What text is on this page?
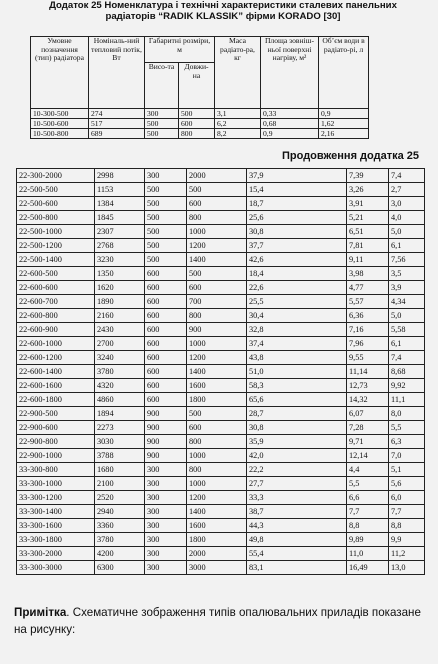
Додаток 25 Номенклатура і технічні характеристики сталевих панельних
радіаторів “RADIK KLASSIK” фірми KORADO [30]
Умовне позначення (тип) радіатора	Номіналь-ний тепловий потік, Вт	Габаритні розміри, м		Маса радіато-ра, кг	Площа зовніш-ньої поверхні нагріву, м²	Об’єм води в радіато-рі, л
		Висо-та	Довжи-на			
10-300-500	274	300	500	3,1	0,33	0,9
10-500-600	517	500	600	6,2	0,68	1,62
10-500-800	689	500	800	8,2	0,9	2,16
Продовження додатка 25
22-300-2000	2998	300	2000	37,9	7,39	7,4
22-500-500	1153	500	500	15,4	3,26	2,7
22-500-600	1384	500	600	18,7	3,91	3,0
22-500-800	1845	500	800	25,6	5,21	4,0
22-500-1000	2307	500	1000	30,8	6,51	5,0
22-500-1200	2768	500	1200	37,7	7,81	6,1
22-500-1400	3230	500	1400	42,6	9,11	7,56
22-600-500	1350	600	500	18,4	3,98	3,5
22-600-600	1620	600	600	22,6	4,77	3,9
22-600-700	1890	600	700	25,5	5,57	4,34
22-600-800	2160	600	800	30,4	6,36	5,0
22-600-900	2430	600	900	32,8	7,16	5,58
22-600-1000	2700	600	1000	37,4	7,96	6,1
22-600-1200	3240	600	1200	43,8	9,55	7,4
22-600-1400	3780	600	1400	51,0	11,14	8,68
22-600-1600	4320	600	1600	58,3	12,73	9,92
22-600-1800	4860	600	1800	65,6	14,32	11,1
22-900-500	1894	900	500	28,7	6,07	8,0
22-900-600	2273	900	600	30,8	7,28	5,5
22-900-800	3030	900	800	35,9	9,71	6,3
22-900-1000	3788	900	1000	42,0	12,14	7,0
33-300-800	1680	300	800	22,2	4,4	5,1
33-300-1000	2100	300	1000	27,7	5,5	5,6
33-300-1200	2520	300	1200	33,3	6,6	6,0
33-300-1400	2940	300	1400	38,7	7,7	7,7
33-300-1600	3360	300	1600	44,3	8,8	8,8
33-300-1800	3780	300	1800	49,8	9,89	9,9
33-300-2000	4200	300	2000	55,4	11,0	11,2
33-300-3000	6300	300	3000	83,1	16,49	13,0
Примітка. Схематичне зображення типів опалювальних приладів показане на рисунку:
